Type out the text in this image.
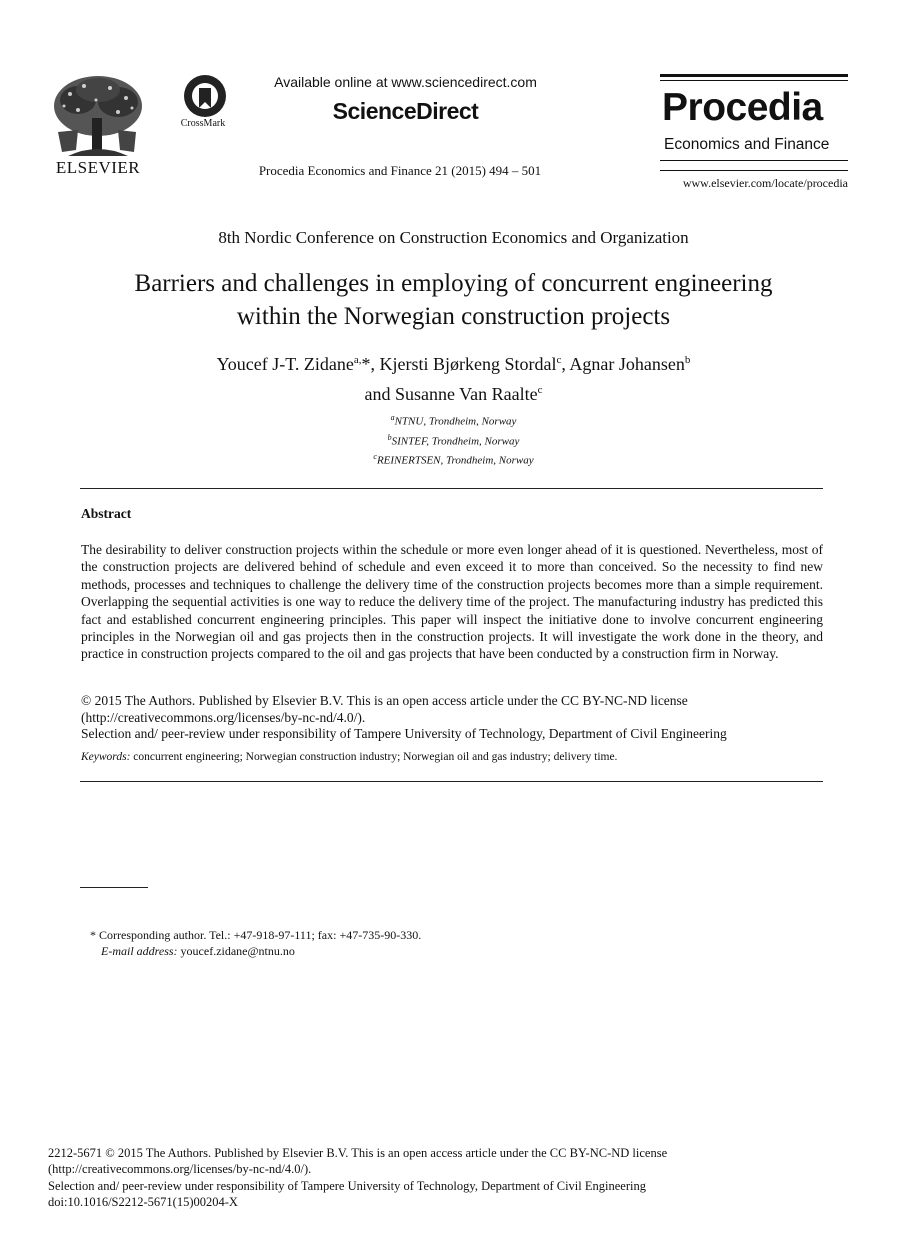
ELSEVIER
CrossMark
Available online at www.sciencedirect.com
ScienceDirect
Procedia Economics and Finance 21 (2015) 494 – 501
Procedia
Economics and Finance
www.elsevier.com/locate/procedia
8th Nordic Conference on Construction Economics and Organization
Barriers and challenges in employing of concurrent engineering
within the Norwegian construction projects
Youcef J-T. Zidane$^{a,}$*, Kjersti Bjørkeng Stordal$^c$, Agnar Johansen$^b$
and Susanne Van Raalte$^c$
$^a$NTNU, Trondheim, Norway
$^b$SINTEF, Trondheim, Norway
$^c$REINERTSEN, Trondheim, Norway
Abstract
The desirability to deliver construction projects within the schedule or more even longer ahead of it is questioned. Nevertheless, most of the construction projects are delivered behind of schedule and even exceed it to more than conceived. So the necessity to find new methods, processes and techniques to challenge the delivery time of the construction projects becomes more than a simple requirement. Overlapping the sequential activities is one way to reduce the delivery time of the project. The manufacturing industry has predicted this fact and established concurrent engineering principles. This paper will inspect the initiative done to involve concurrent engineering principles in the Norwegian oil and gas projects then in the construction projects. It will investigate the work done in the theory, and practice in construction projects compared to the oil and gas projects that have been conducted by a construction firm in Norway.
© 2015 The Authors. Published by Elsevier B.V. This is an open access article under the CC BY-NC-ND license
(http://creativecommons.org/licenses/by-nc-nd/4.0/).
Selection and/ peer-review under responsibility of Tampere University of Technology, Department of Civil Engineering
Keywords: concurrent engineering; Norwegian construction industry; Norwegian oil and gas industry; delivery time.
* Corresponding author. Tel.: +47-918-97-111; fax: +47-735-90-330.
E-mail address: youcef.zidane@ntnu.no
2212-5671 © 2015 The Authors. Published by Elsevier B.V. This is an open access article under the CC BY-NC-ND license
(http://creativecommons.org/licenses/by-nc-nd/4.0/).
Selection and/ peer-review under responsibility of Tampere University of Technology, Department of Civil Engineering
doi:10.1016/S2212-5671(15)00204-X
